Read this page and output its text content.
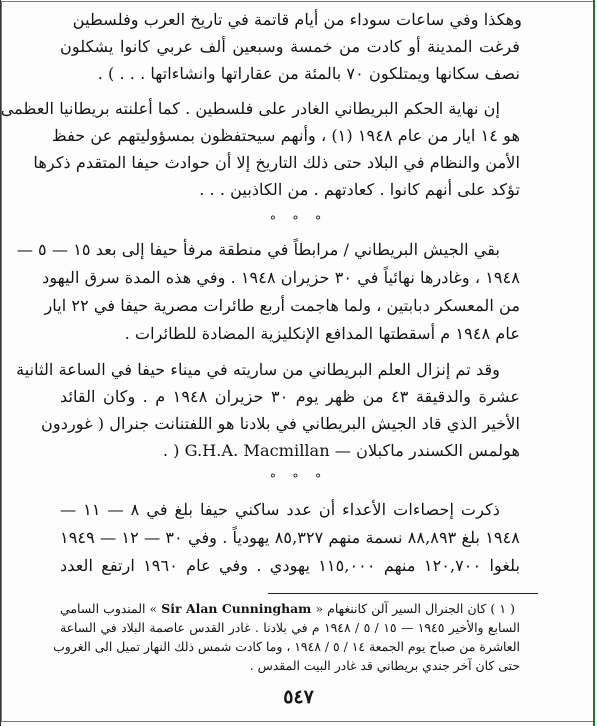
وهكذا وفي ساعات سوداء من أيام قاتمة في تاريخ العرب وفلسطين
فرغت المدينة أو كادت من خمسة وسبعين ألف عربي كانوا يشكلون
نصف سكانها ويمتلكون ٧٠ بالمئة من عقاراتها وانشاءاتها . . . ) .
إن نهاية الحكم البريطاني الغادر على فلسطين . كما أعلنته بريطانيا العظمى
هو ١٤ ايار من عام ١٩٤٨ (١) ، وأنهم سيحتفظون بمسؤوليتهم عن حفظ
الأمن والنظام في البلاد حتى ذلك التاريخ إلا أن حوادث حيفا المتقدم ذكرها
تؤكد على أنهم كانوا . كعادتهم . من الكاذبين . . .
° ° °
بقي الجيش البريطاني / مرابطاً في منطقة مرفأ حيفا إلى بعد ١٥ — ٥ —
١٩٤٨ ، وغادرها نهائياً في ٣٠ حزيران ١٩٤٨ . وفي هذه المدة سرق اليهود
من المعسكر دبابتين ، ولما هاجمت أربع طائرات مصرية حيفا في ٢٢ ايار
عام ١٩٤٨ م أسقطتها المدافع الإنكليزية المضادة للطائرات .
وقد تم إنزال العلم البريطاني من ساريته في ميناء حيفا في الساعة الثانية
عشرة والدقيقة ٤٣ من ظهر يوم ٣٠ حزيران ١٩٤٨ م . وكان القائد
الأخير الذي قاد الجيش البريطاني في بلادنا هو اللفتنانت جنرال ( غوردون
هولمس الكسندر ماكبلان — G.H.A. Macmillan ( .
° ° °
ذكرت إحصاءات الأعداء أن عدد ساكني حيفا بلغ في ٨ — ١١ —
١٩٤٨ بلغ ٨٨,٨٩٣ نسمة منهم ٨٥,٣٢٧ يهودياً . وفي ٣٠ — ١٢ — ١٩٤٩
بلغوا ١٢٠,٧٠٠ منهم ١١٥,٠٠٠ يهودي . وفي عام ١٩٦٠ ارتفع العدد
( ١ ) كان الجنرال السير آلن كاننغهام « Sir Alan Cunningham » المندوب السامي
السابع والأخير ١٩٤٥ — ١٥ / ٥ / ١٩٤٨ م في بلادنا . غادر القدس عاصمة البلاد في الساعة
العاشرة من صباح يوم الجمعة ١٤ / ٥ / ١٩٤٨ ، وما كادت شمس ذلك النهار تميل الى الغروب
حتى كان آخر جندي بريطاني قد غادر البيت المقدس .
٥٤٧
